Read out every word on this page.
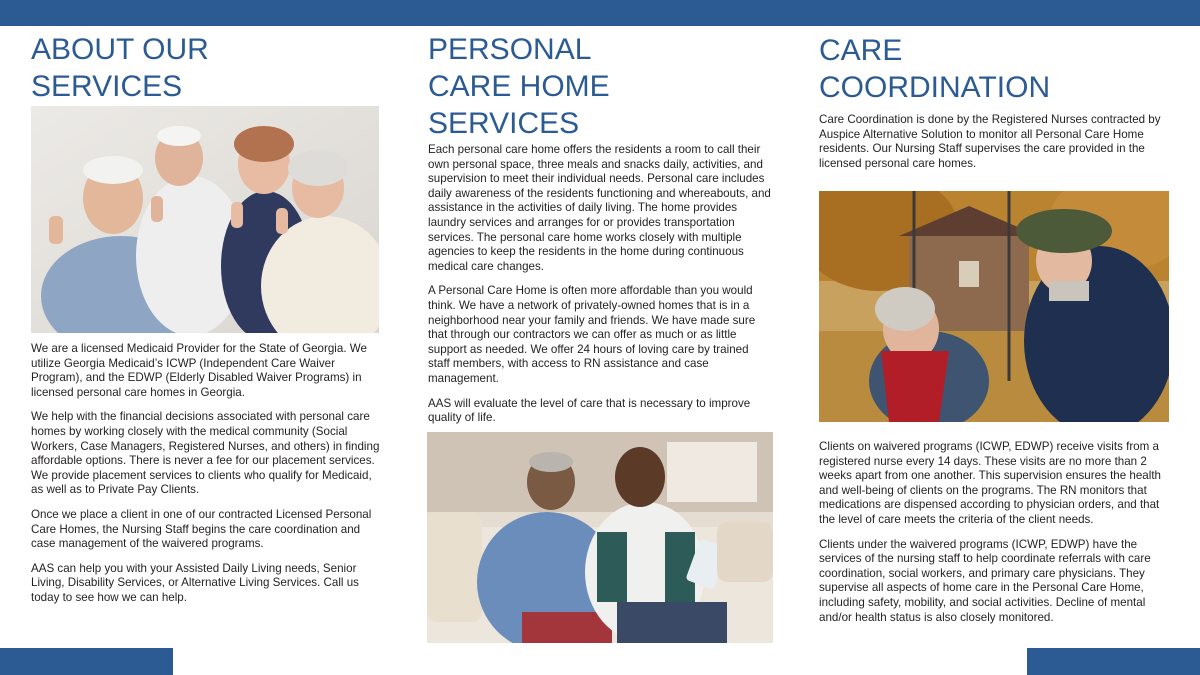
ABOUT OUR
SERVICES

We are a licensed Medicaid Provider for the State of Georgia. We utilize Georgia Medicaid’s ICWP (Independent Care Waiver Program), and the EDWP (Elderly Disabled Waiver Programs) in licensed personal care homes in Georgia.

We help with the financial decisions associated with personal care homes by working closely with the medical community (Social Workers, Case Managers, Registered Nurses, and others) in finding affordable options. There is never a fee for our placement services. We provide placement services to clients who qualify for Medicaid, as well as to Private Pay Clients.

Once we place a client in one of our contracted Licensed Personal Care Homes, the Nursing Staff begins the care coordination and case management of the waivered programs.

AAS can help you with your Assisted Daily Living needs, Senior Living, Disability Services, or Alternative Living Services. Call us today to see how we can help.

PERSONAL
CARE HOME
SERVICES

Each personal care home offers the residents a room to call their own personal space, three meals and snacks daily, activities, and supervision to meet their individual needs. Personal care includes daily awareness of the residents functioning and whereabouts, and assistance in the activities of daily living. The home provides laundry services and arranges for or provides transportation services. The personal care home works closely with multiple agencies to keep the residents in the home during continuous medical care changes.

A Personal Care Home is often more affordable than you would think. We have a network of privately-owned homes that is in a neighborhood near your family and friends. We have made sure that through our contractors we can offer as much or as little support as needed. We offer 24 hours of loving care by trained staff members, with access to RN assistance and case management.

AAS will evaluate the level of care that is necessary to improve quality of life.

CARE
COORDINATION

Care Coordination is done by the Registered Nurses contracted by Auspice Alternative Solution to monitor all Personal Care Home residents. Our Nursing Staff supervises the care provided in the licensed personal care homes.

Clients on waivered programs (ICWP, EDWP) receive visits from a registered nurse every 14 days. These visits are no more than 2 weeks apart from one another. This supervision ensures the health and well-being of clients on the programs. The RN monitors that medications are dispensed according to physician orders, and that the level of care meets the criteria of the client needs.

Clients under the waivered programs (ICWP, EDWP) have the services of the nursing staff to help coordinate referrals with care coordination, social workers, and primary care physicians. They supervise all aspects of home care in the Personal Care Home, including safety, mobility, and social activities. Decline of mental and/or health status is also closely monitored.
